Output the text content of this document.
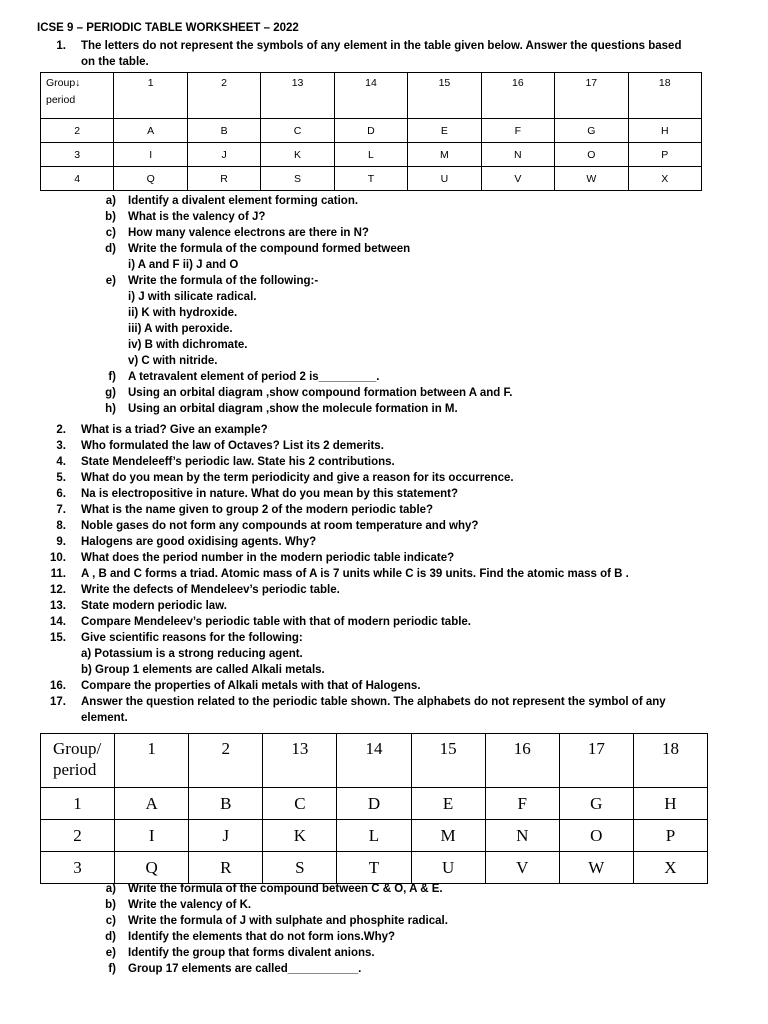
ICSE 9 – PERIODIC TABLE WORKSHEET – 2022
1. The letters do not represent the symbols of any element in the table given below. Answer the questions based
on the table.
Group↓
period	1	2	13	14	15	16	17	18
2	A	B	C	D	E	F	G	H
3	I	J	K	L	M	N	O	P
4	Q	R	S	T	U	V	W	X
a) Identify a divalent element forming cation.
b) What is the valency of J?
c) How many valence electrons are there in N?
d) Write the formula of the compound formed between
i) A and F ii) J and O
e) Write the formula of the following:-
i) J with silicate radical.
ii) K with hydroxide.
iii) A with peroxide.
iv) B with dichromate.
v) C with nitride.
f) A tetravalent element of period 2 is_________.
g) Using an orbital diagram ,show compound formation between A and F.
h) Using an orbital diagram ,show the molecule formation in M.
2. What is a triad? Give an example?
3. Who formulated the law of Octaves? List its 2 demerits.
4. State Mendeleeff’s periodic law. State his 2 contributions.
5. What do you mean by the term periodicity and give a reason for its occurrence.
6. Na is electropositive in nature. What do you mean by this statement?
7. What is the name given to group 2 of the modern periodic table?
8. Noble gases do not form any compounds at room temperature and why?
9. Halogens are good oxidising agents. Why?
10. What does the period number in the modern periodic table indicate?
11. A , B and C forms a triad. Atomic mass of A is 7 units while C is 39 units. Find the atomic mass of B .
12. Write the defects of Mendeleev’s periodic table.
13. State modern periodic law.
14. Compare Mendeleev’s periodic table with that of modern periodic table.
15. Give scientific reasons for the following:
a) Potassium is a strong reducing agent.
b) Group 1 elements are called Alkali metals.
16. Compare the properties of Alkali metals with that of Halogens.
17. Answer the question related to the periodic table shown. The alphabets do not represent the symbol of any
element.
Group/
period	1	2	13	14	15	16	17	18
1	A	B	C	D	E	F	G	H
2	I	J	K	L	M	N	O	P
3	Q	R	S	T	U	V	W	X
a) Write the formula of the compound between C & O, A & E.
b) Write the valency of K.
c) Write the formula of J with sulphate and phosphite radical.
d) Identify the elements that do not form ions.Why?
e) Identify the group that forms divalent anions.
f) Group 17 elements are called___________.
